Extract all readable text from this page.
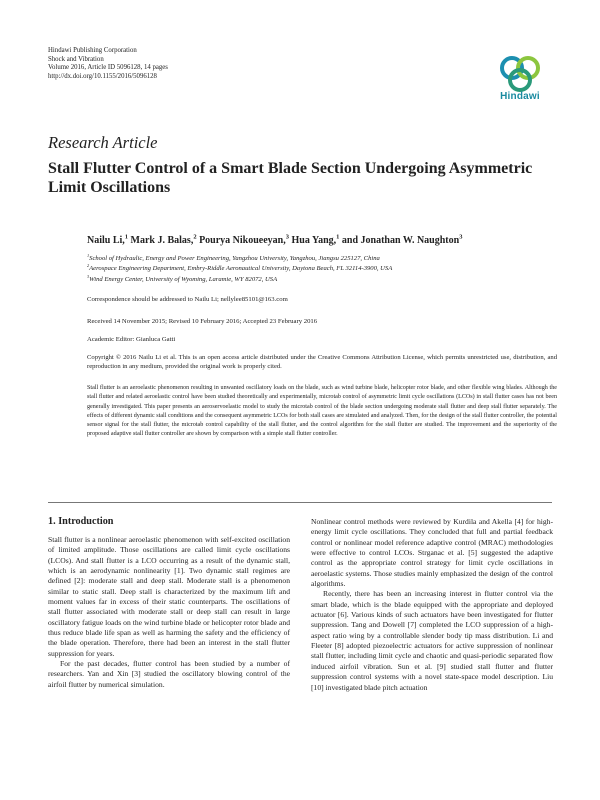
Hindawi Publishing Corporation
Shock and Vibration
Volume 2016, Article ID 5096128, 14 pages
http://dx.doi.org/10.1155/2016/5096128
Hindawi
Research Article
Stall Flutter Control of a Smart Blade Section Undergoing Asymmetric Limit Oscillations
Nailu Li,$^1$ Mark J. Balas,$^2$ Pourya Nikoueeyan,$^3$ Hua Yang,$^1$ and Jonathan W. Naughton$^3$
$^1$School of Hydraulic, Energy and Power Engineering, Yangzhou University, Yangzhou, Jiangsu 225127, China
$^2$Aerospace Engineering Department, Embry-Riddle Aeronautical University, Daytona Beach, FL 32114-3900, USA
$^3$Wind Energy Center, University of Wyoming, Laramie, WY 82072, USA
Correspondence should be addressed to Nailu Li; nellylee85101@163.com
Received 14 November 2015; Revised 10 February 2016; Accepted 23 February 2016
Academic Editor: Gianluca Gatti
Copyright © 2016 Nailu Li et al. This is an open access article distributed under the Creative Commons Attribution License, which permits unrestricted use, distribution, and reproduction in any medium, provided the original work is properly cited.
Stall flutter is an aeroelastic phenomenon resulting in unwanted oscillatory loads on the blade, such as wind turbine blade, helicopter rotor blade, and other flexible wing blades. Although the stall flutter and related aeroelastic control have been studied theoretically and experimentally, microtab control of asymmetric limit cycle oscillations (LCOs) in stall flutter cases has not been generally investigated. This paper presents an aeroservoelastic model to study the microtab control of the blade section undergoing moderate stall flutter and deep stall flutter separately. The effects of different dynamic stall conditions and the consequent asymmetric LCOs for both stall cases are simulated and analyzed. Then, for the design of the stall flutter controller, the potential sensor signal for the stall flutter, the microtab control capability of the stall flutter, and the control algorithm for the stall flutter are studied. The improvement and the superiority of the proposed adaptive stall flutter controller are shown by comparison with a simple stall flutter controller.
1. Introduction

Stall flutter is a nonlinear aeroelastic phenomenon with self-excited oscillation of limited amplitude. Those oscillations are called limit cycle oscillations (LCOs). And stall flutter is a LCO occurring as a result of the dynamic stall, which is an aerodynamic nonlinearity [1]. Two dynamic stall regimes are defined [2]: moderate stall and deep stall. Moderate stall is a phenomenon similar to static stall. Deep stall is characterized by the maximum lift and moment values far in excess of their static counterparts. The oscillations of stall flutter associated with moderate stall or deep stall can result in large oscillatory fatigue loads on the wind turbine blade or helicopter rotor blade and thus reduce blade life span as well as harming the safety and the efficiency of the blade operation. Therefore, there had been an interest in the stall flutter suppression for years.

For the past decades, flutter control has been studied by a number of researchers. Yan and Xin [3] studied the oscillatory blowing control of the airfoil flutter by numerical simulation.

Nonlinear control methods were reviewed by Kurdila and Akella [4] for high-energy limit cycle oscillations. They concluded that full and partial feedback control or nonlinear model reference adaptive control (MRAC) methodologies were effective to control LCOs. Strganac et al. [5] suggested the adaptive control as the appropriate control strategy for limit cycle oscillations in aeroelastic systems. Those studies mainly emphasized the design of the control algorithms.

Recently, there has been an increasing interest in flutter control via the smart blade, which is the blade equipped with the appropriate and deployed actuator [6]. Various kinds of such actuators have been investigated for flutter suppression. Tang and Dowell [7] completed the LCO suppression of a high-aspect ratio wing by a controllable slender body tip mass distribution. Li and Fleeter [8] adopted piezoelectric actuators for active suppression of nonlinear stall flutter, including limit cycle and chaotic and quasi-periodic separated flow induced airfoil vibration. Sun et al. [9] studied stall flutter and flutter suppression control systems with a novel state-space model description. Liu [10] investigated blade pitch actuation
